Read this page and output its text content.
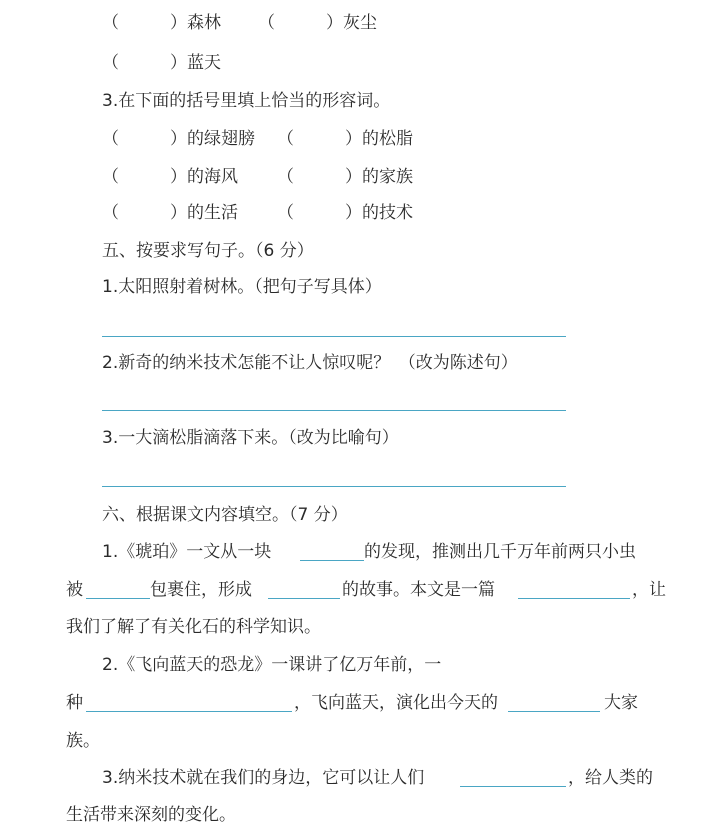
（　　　）森林 （　　　）灰尘
（　　　）蓝天
3.在下面的括号里填上恰当的形容词。
（　　　）的绿翅膀 （　　　）的松脂
（　　　）的海风 （　　　）的家族
（　　　）的生活 （　　　）的技术
五、按要求写句子。（6 分）
1.太阳照射着树林。（把句子写具体）
2.新奇的纳米技术怎能不让人惊叹呢？　（改为陈述句）
3.一大滴松脂滴落下来。（改为比喻句）
六、根据课文内容填空。（7 分）
1.《琥珀》一文从一块	的发现，推测出几千万年前两只小虫
被	包裹住，形成	的故事。本文是一篇	，让
我们了解了有关化石的科学知识。
2.《飞向蓝天的恐龙》一课讲了亿万年前，一
种	，飞向蓝天，演化出今天的	大家
族。
3.纳米技术就在我们的身边，它可以让人们	，给人类的
生活带来深刻的变化。
